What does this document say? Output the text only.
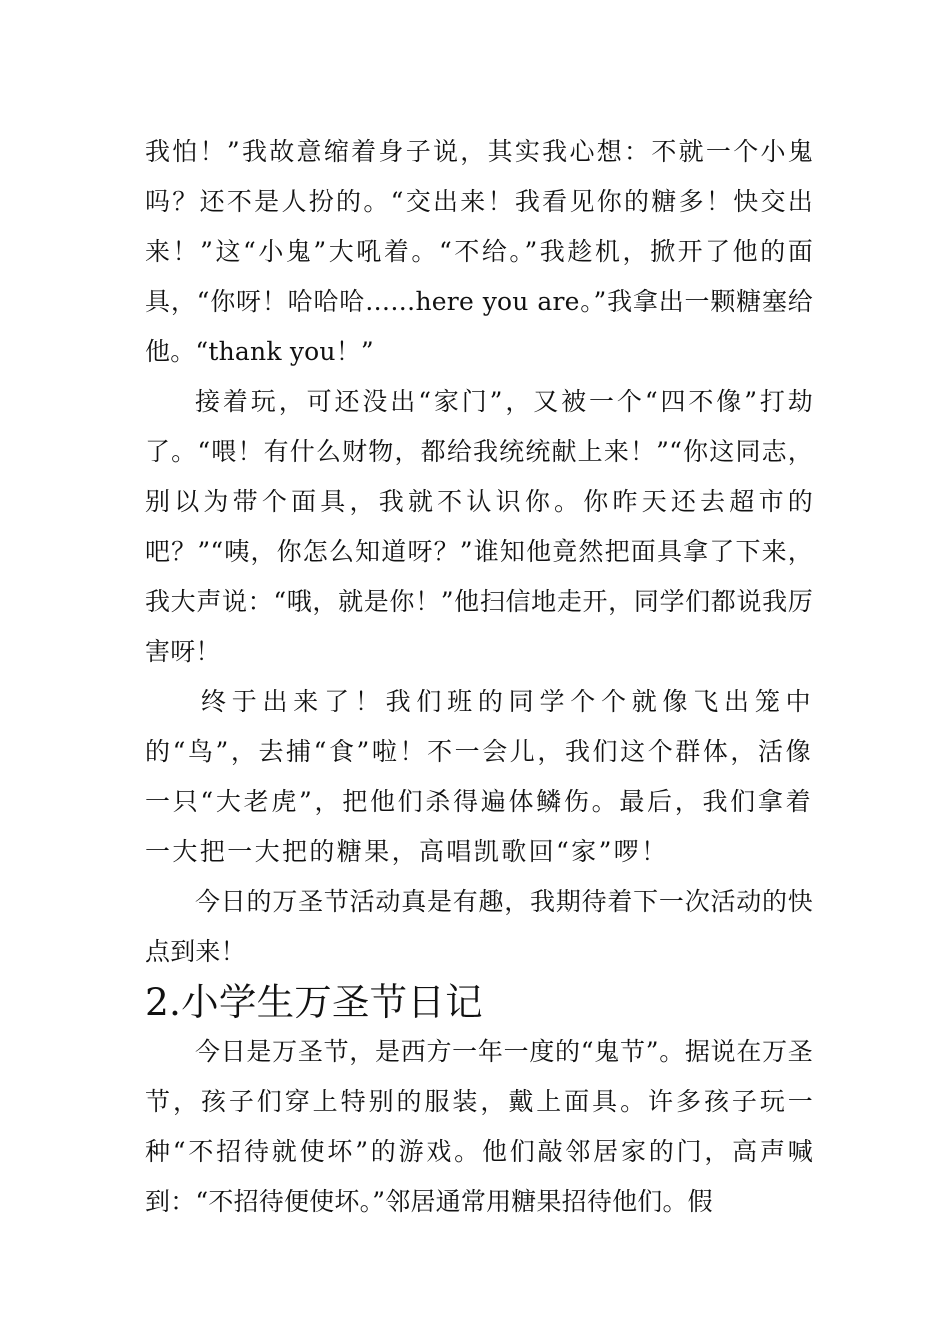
我怕！”我故意缩着身子说，其实我心想：不就一个小鬼吗？还不是人扮的。“交出来！我看见你的糖多！快交出来！”这“小鬼”大吼着。“不给。”我趁机，掀开了他的面具，“你呀！哈哈哈……here you are。”我拿出一颗糖塞给他。“thank you！”

接着玩，可还没出“家门”，又被一个“四不像”打劫了。“喂！有什么财物，都给我统统献上来！”“你这同志，别以为带个面具，我就不认识你。你昨天还去超市的吧？”“咦，你怎么知道呀？”谁知他竟然把面具拿了下来，我大声说：“哦，就是你！”他扫信地走开，同学们都说我厉害呀！

终于出来了！我们班的同学个个就像飞出笼中的“鸟”，去捕“食”啦！不一会儿，我们这个群体，活像一只“大老虎”，把他们杀得遍体鳞伤。最后，我们拿着一大把一大把的糖果，高唱凯歌回“家”啰！

今日的万圣节活动真是有趣，我期待着下一次活动的快点到来！

2.小学生万圣节日记

今日是万圣节，是西方一年一度的“鬼节”。据说在万圣节，孩子们穿上特别的服装，戴上面具。许多孩子玩一种“不招待就使坏”的游戏。他们敲邻居家的门，高声喊到：“不招待便使坏。”邻居通常用糖果招待他们。假
